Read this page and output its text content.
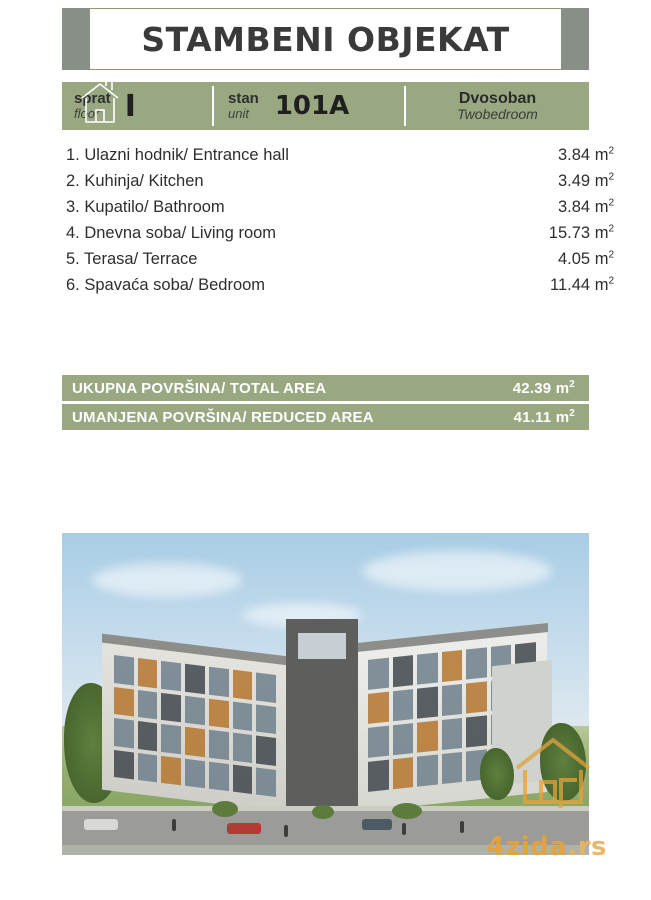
STAMBENI OBJEKAT
sprat
floor I	stan
unit 101A	Dvosoban
Twobedroom
1. Ulazni hodnik/ Entrance hall	3.84 $m^2$
2. Kuhinja/ Kitchen	3.49 $m^2$
3. Kupatilo/ Bathroom	3.84 $m^2$
4. Dnevna soba/ Living room	15.73 $m^2$
5. Terasa/ Terrace	4.05 $m^2$
6. Spavaća soba/ Bedroom	11.44 $m^2$
UKUPNA POVRŠINA/ TOTAL AREA	42.39 $m^2$
UMANJENA POVRŠINA/ REDUCED AREA	41.11 $m^2$
4zida.rs
